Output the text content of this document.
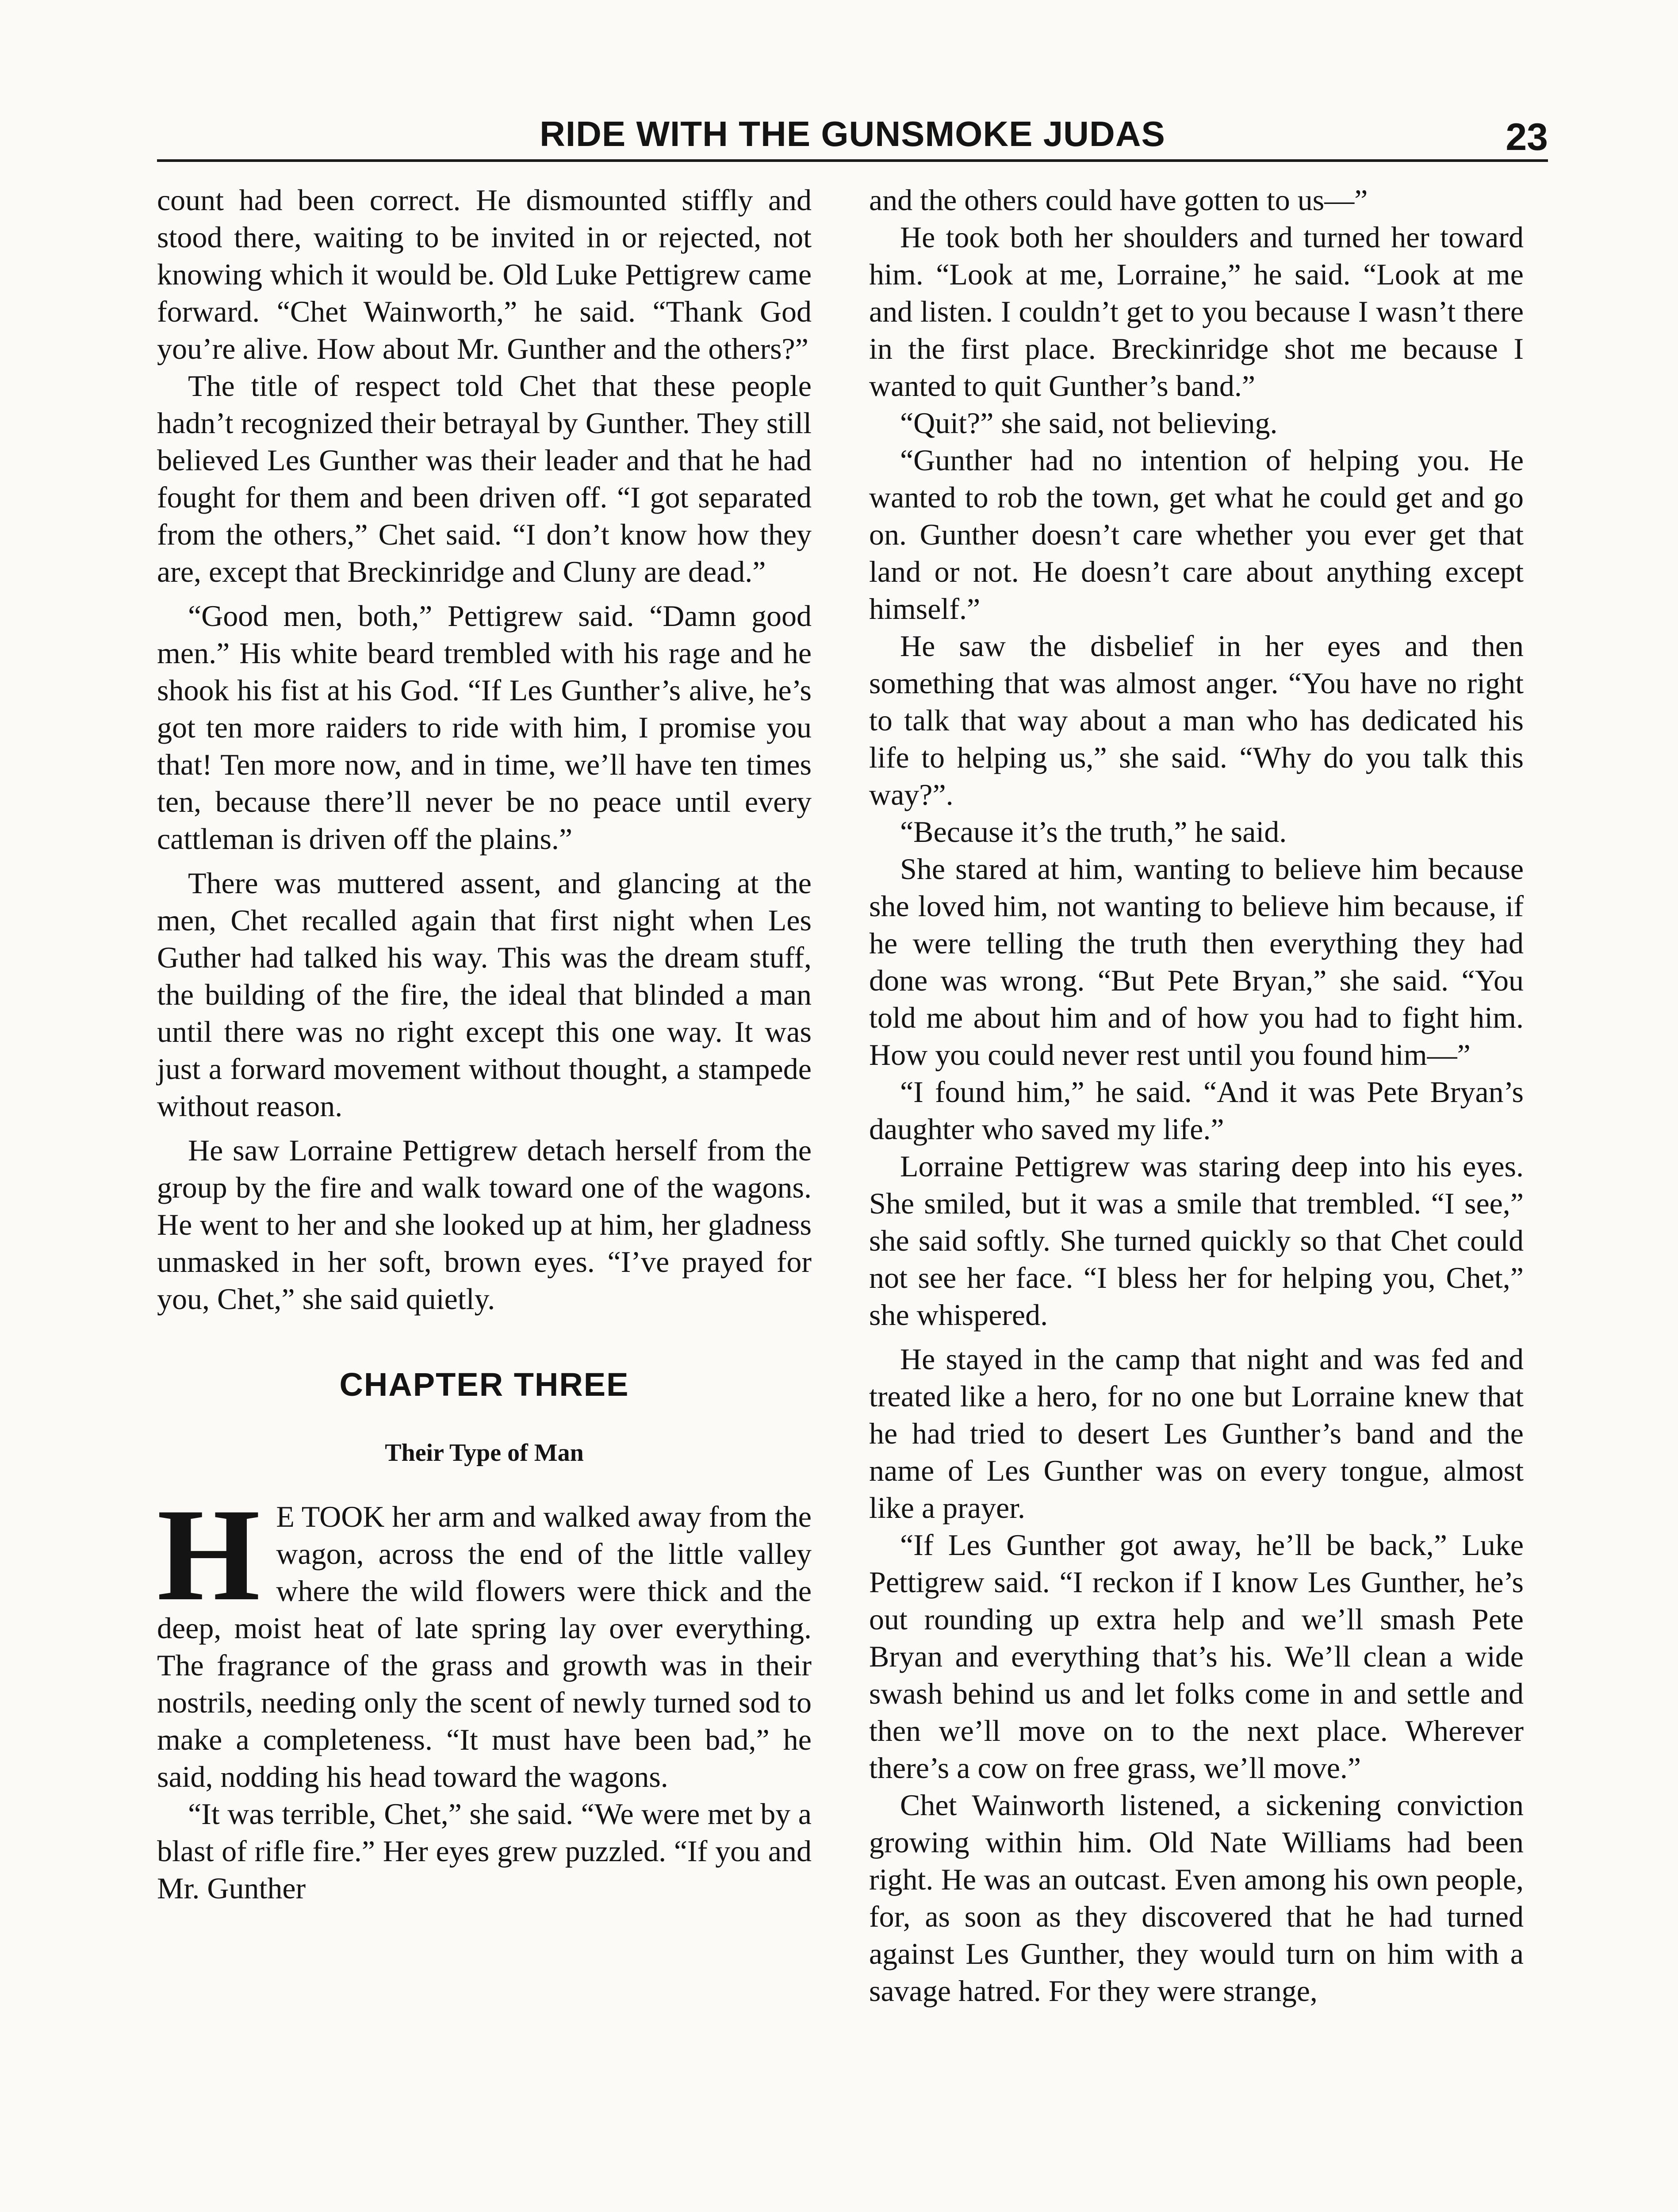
RIDE WITH THE GUNSMOKE JUDAS	23

count had been correct. He dismounted stiffly and stood there, waiting to be invited in or rejected, not knowing which it would be. Old Luke Pettigrew came forward. “Chet Wainworth,” he said. “Thank God you’re alive. How about Mr. Gunther and the others?”

The title of respect told Chet that these people hadn’t recognized their betrayal by Gunther. They still believed Les Gunther was their leader and that he had fought for them and been driven off. “I got separated from the others,” Chet said. “I don’t know how they are, except that Breckinridge and Cluny are dead.”

“Good men, both,” Pettigrew said. “Damn good men.” His white beard trembled with his rage and he shook his fist at his God. “If Les Gunther’s alive, he’s got ten more raiders to ride with him, I promise you that! Ten more now, and in time, we’ll have ten times ten, because there’ll never be no peace until every cattleman is driven off the plains.”

There was muttered assent, and glancing at the men, Chet recalled again that first night when Les Guther had talked his way. This was the dream stuff, the building of the fire, the ideal that blinded a man until there was no right except this one way. It was just a forward movement without thought, a stampede without reason.

He saw Lorraine Pettigrew detach herself from the group by the fire and walk toward one of the wagons. He went to her and she looked up at him, her gladness unmasked in her soft, brown eyes. “I’ve prayed for you, Chet,” she said quietly.

CHAPTER THREE
Their Type of Man

H E TOOK her arm and walked away from the wagon, across the end of the little valley where the wild flowers were thick and the deep, moist heat of late spring lay over everything. The fragrance of the grass and growth was in their nostrils, needing only the scent of newly turned sod to make a completeness. “It must have been bad,” he said, nodding his head toward the wagons.

“It was terrible, Chet,” she said. “We were met by a blast of rifle fire.” Her eyes grew puzzled. “If you and Mr. Gunther

and the others could have gotten to us—”

He took both her shoulders and turned her toward him. “Look at me, Lorraine,” he said. “Look at me and listen. I couldn’t get to you because I wasn’t there in the first place. Breckinridge shot me because I wanted to quit Gunther’s band.”

“Quit?” she said, not believing.

“Gunther had no intention of helping you. He wanted to rob the town, get what he could get and go on. Gunther doesn’t care whether you ever get that land or not. He doesn’t care about anything except himself.”

He saw the disbelief in her eyes and then something that was almost anger. “You have no right to talk that way about a man who has dedicated his life to helping us,” she said. “Why do you talk this way?”.

“Because it’s the truth,” he said.

She stared at him, wanting to believe him because she loved him, not wanting to believe him because, if he were telling the truth then everything they had done was wrong. “But Pete Bryan,” she said. “You told me about him and of how you had to fight him. How you could never rest until you found him—”

“I found him,” he said. “And it was Pete Bryan’s daughter who saved my life.”

Lorraine Pettigrew was staring deep into his eyes. She smiled, but it was a smile that trembled. “I see,” she said softly. She turned quickly so that Chet could not see her face. “I bless her for helping you, Chet,” she whispered.

He stayed in the camp that night and was fed and treated like a hero, for no one but Lorraine knew that he had tried to desert Les Gunther’s band and the name of Les Gunther was on every tongue, almost like a prayer.

“If Les Gunther got away, he’ll be back,” Luke Pettigrew said. “I reckon if I know Les Gunther, he’s out rounding up extra help and we’ll smash Pete Bryan and everything that’s his. We’ll clean a wide swash behind us and let folks come in and settle and then we’ll move on to the next place. Wherever there’s a cow on free grass, we’ll move.”

Chet Wainworth listened, a sickening conviction growing within him. Old Nate Williams had been right. He was an outcast. Even among his own people, for, as soon as they discovered that he had turned against Les Gunther, they would turn on him with a savage hatred. For they were strange,
